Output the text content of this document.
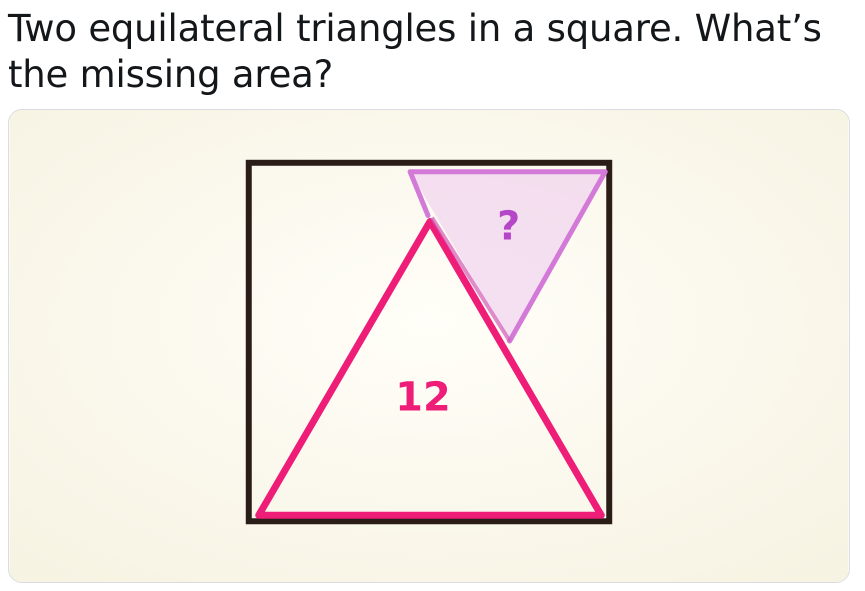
Two equilateral triangles in a square. What’s the missing area?

?
12
